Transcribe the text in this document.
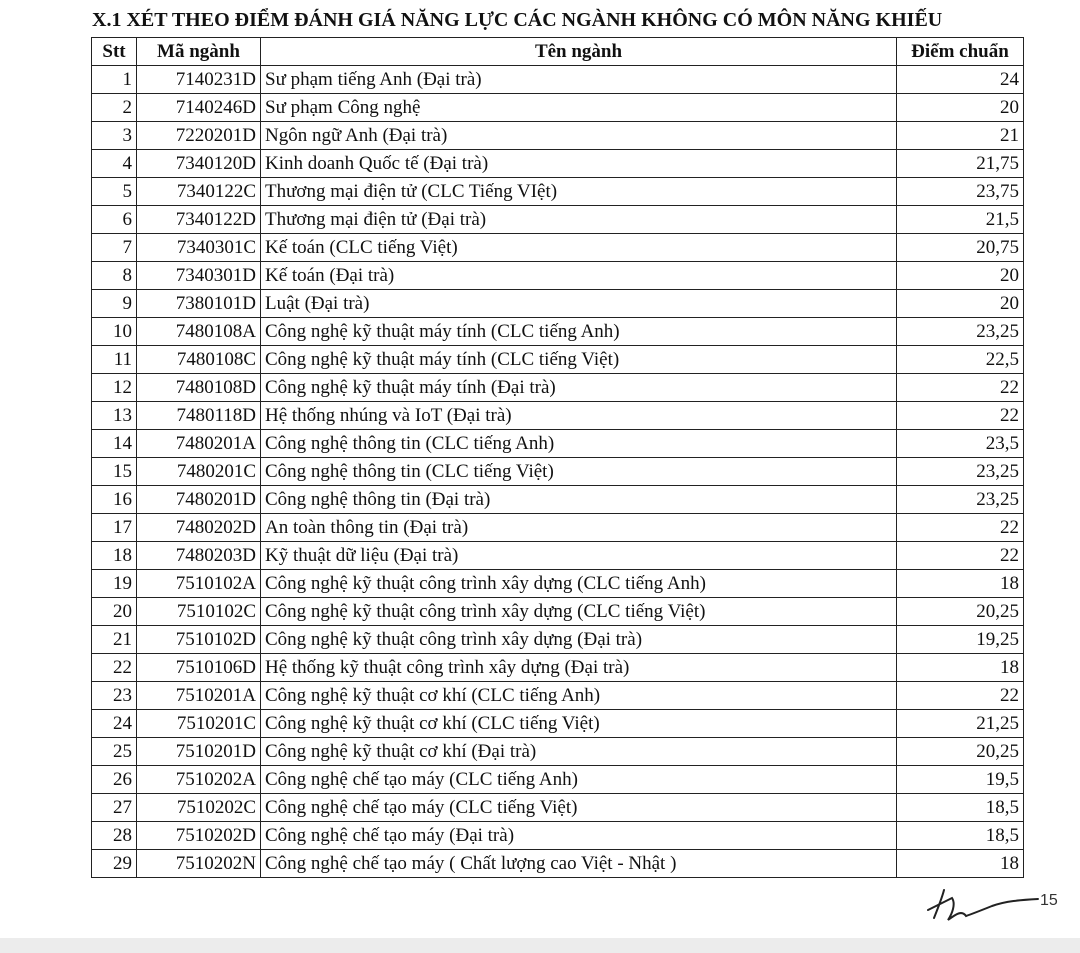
X.1 XÉT THEO ĐIỂM ĐÁNH GIÁ NĂNG LỰC CÁC NGÀNH KHÔNG CÓ MÔN NĂNG KHIẾU
Stt	Mã ngành	Tên ngành	Điểm chuẩn
1	7140231D	Sư phạm tiếng Anh (Đại trà)	24
2	7140246D	Sư phạm Công nghệ	20
3	7220201D	Ngôn ngữ Anh (Đại trà)	21
4	7340120D	Kinh doanh Quốc tế (Đại trà)	21,75
5	7340122C	Thương mại điện tử (CLC Tiếng VIệt)	23,75
6	7340122D	Thương mại điện tử (Đại trà)	21,5
7	7340301C	Kế toán (CLC tiếng Việt)	20,75
8	7340301D	Kế toán (Đại trà)	20
9	7380101D	Luật (Đại trà)	20
10	7480108A	Công nghệ kỹ thuật máy tính (CLC tiếng Anh)	23,25
11	7480108C	Công nghệ kỹ thuật máy tính (CLC tiếng Việt)	22,5
12	7480108D	Công nghệ kỹ thuật máy tính (Đại trà)	22
13	7480118D	Hệ thống nhúng và IoT (Đại trà)	22
14	7480201A	Công nghệ thông tin (CLC tiếng Anh)	23,5
15	7480201C	Công nghệ thông tin (CLC tiếng Việt)	23,25
16	7480201D	Công nghệ thông tin (Đại trà)	23,25
17	7480202D	An toàn thông tin (Đại trà)	22
18	7480203D	Kỹ thuật dữ liệu (Đại trà)	22
19	7510102A	Công nghệ kỹ thuật công trình xây dựng (CLC tiếng Anh)	18
20	7510102C	Công nghệ kỹ thuật công trình xây dựng (CLC tiếng Việt)	20,25
21	7510102D	Công nghệ kỹ thuật công trình xây dựng (Đại trà)	19,25
22	7510106D	Hệ thống kỹ thuật công trình xây dựng (Đại trà)	18
23	7510201A	Công nghệ kỹ thuật cơ khí (CLC tiếng Anh)	22
24	7510201C	Công nghệ kỹ thuật cơ khí (CLC tiếng Việt)	21,25
25	7510201D	Công nghệ kỹ thuật cơ khí (Đại trà)	20,25
26	7510202A	Công nghệ chế tạo máy (CLC tiếng Anh)	19,5
27	7510202C	Công nghệ chế tạo máy (CLC tiếng Việt)	18,5
28	7510202D	Công nghệ chế tạo máy (Đại trà)	18,5
29	7510202N	Công nghệ chế tạo máy ( Chất lượng cao Việt - Nhật )	18
15
